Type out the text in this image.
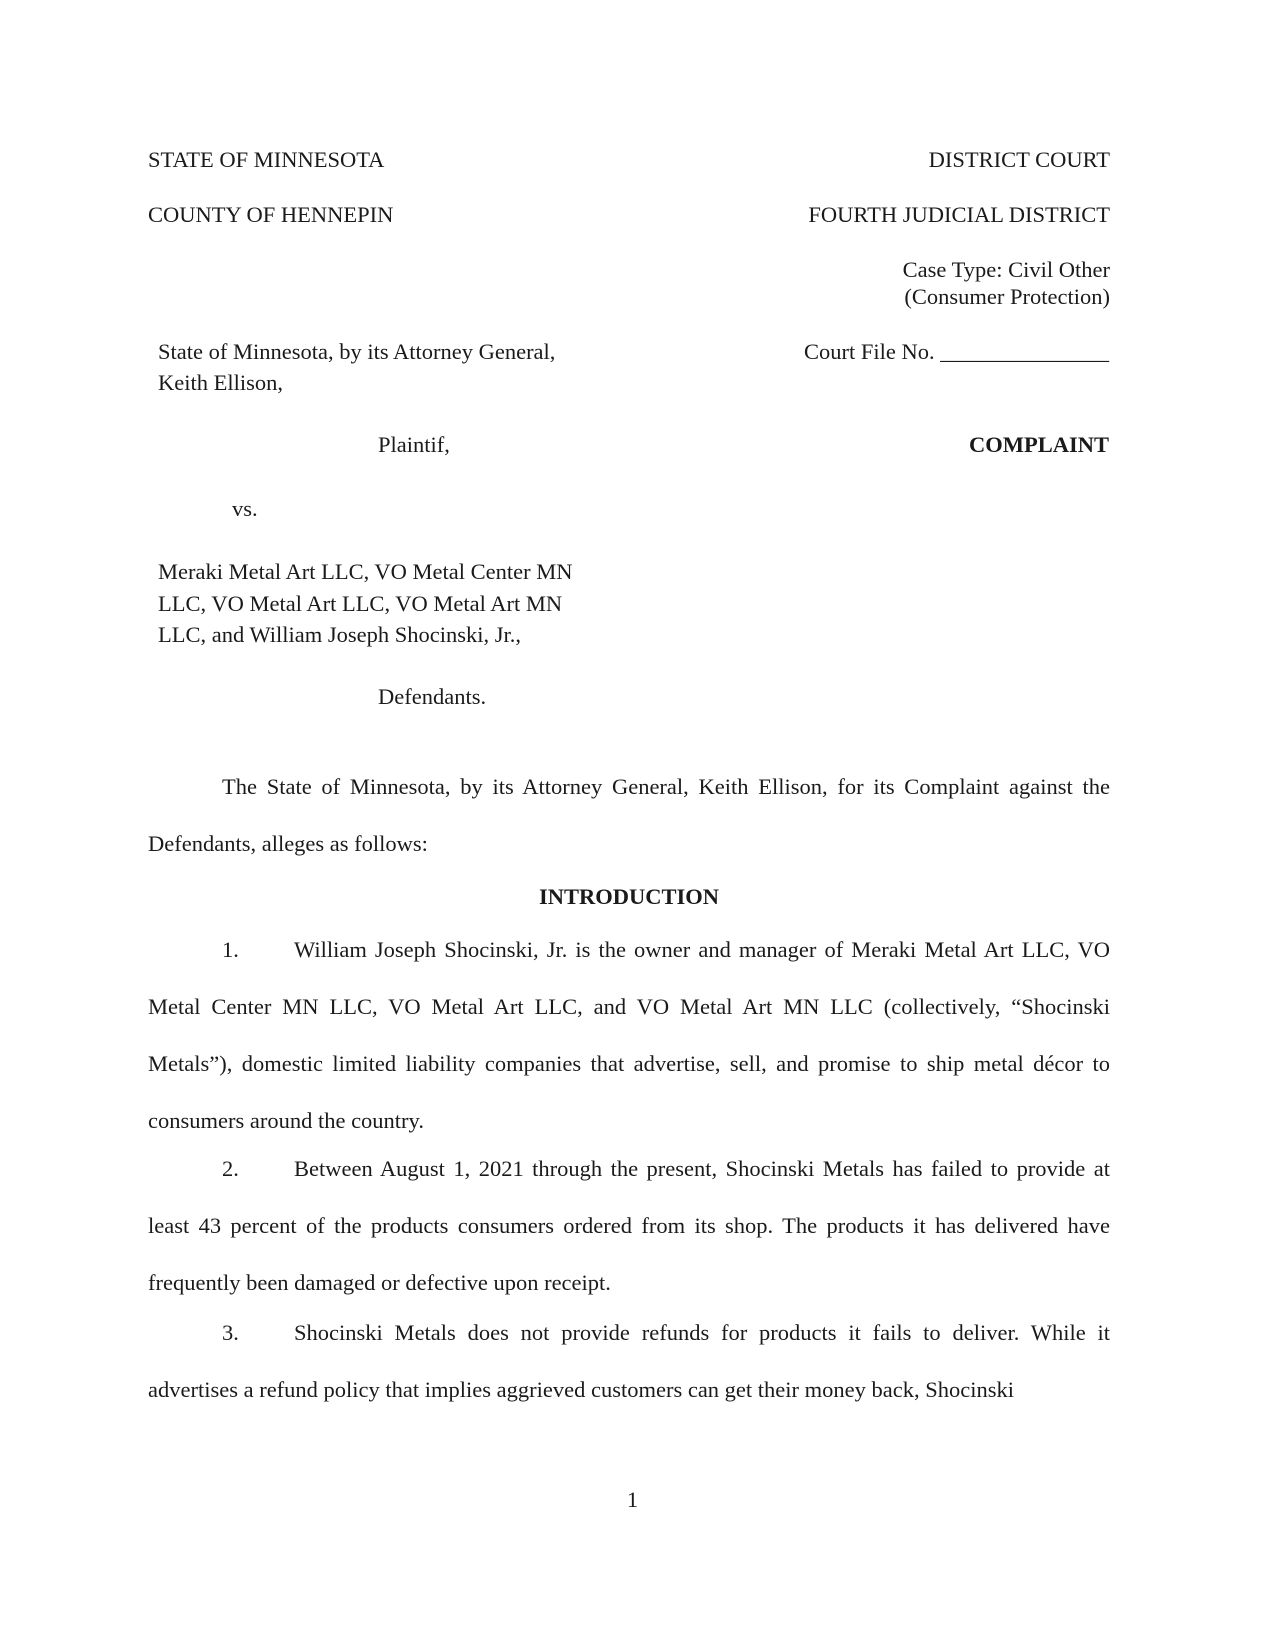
STATE OF MINNESOTA	DISTRICT COURT
COUNTY OF HENNEPIN	FOURTH JUDICIAL DISTRICT
Case Type: Civil Other
(Consumer Protection)
State of Minnesota, by its Attorney General,
Keith Ellison,
Court File No. _______________
Plaintif,	COMPLAINT
vs.
Meraki Metal Art LLC, VO Metal Center MN
LLC, VO Metal Art LLC, VO Metal Art MN
LLC, and William Joseph Shocinski, Jr.,
Defendants.
The State of Minnesota, by its Attorney General, Keith Ellison, for its Complaint against the Defendants, alleges as follows:
INTRODUCTION
1. William Joseph Shocinski, Jr. is the owner and manager of Meraki Metal Art LLC, VO Metal Center MN LLC, VO Metal Art LLC, and VO Metal Art MN LLC (collectively, “Shocinski Metals”), domestic limited liability companies that advertise, sell, and promise to ship metal décor to consumers around the country.
2. Between August 1, 2021 through the present, Shocinski Metals has failed to provide at least 43 percent of the products consumers ordered from its shop. The products it has delivered have frequently been damaged or defective upon receipt.
3. Shocinski Metals does not provide refunds for products it fails to deliver. While it advertises a refund policy that implies aggrieved customers can get their money back, Shocinski
1
